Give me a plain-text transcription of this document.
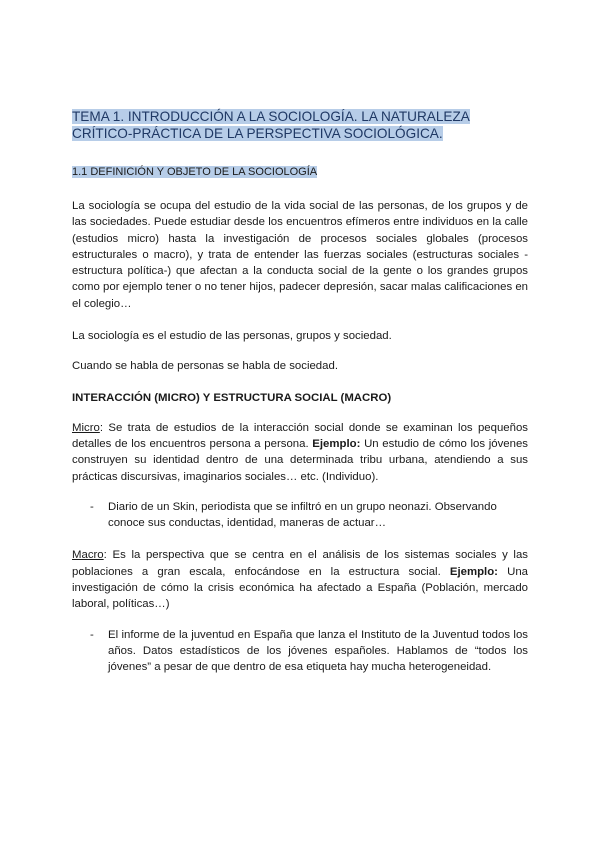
TEMA 1. INTRODUCCIÓN A LA SOCIOLOGÍA. LA NATURALEZA
CRÍTICO-PRÁCTICA DE LA PERSPECTIVA SOCIOLÓGICA.
1.1 DEFINICIÓN Y OBJETO DE LA SOCIOLOGÍA

La sociología se ocupa del estudio de la vida social de las personas, de los grupos y de las sociedades. Puede estudiar desde los encuentros efímeros entre individuos en la calle (estudios micro) hasta la investigación de procesos sociales globales (procesos estructurales o macro), y trata de entender las fuerzas sociales (estructuras sociales -estructura política-) que afectan a la conducta social de la gente o los grandes grupos como por ejemplo tener o no tener hijos, padecer depresión, sacar malas calificaciones en el colegio…

La sociología es el estudio de las personas, grupos y sociedad.

Cuando se habla de personas se habla de sociedad.

INTERACCIÓN (MICRO) Y ESTRUCTURA SOCIAL (MACRO)

Micro: Se trata de estudios de la interacción social donde se examinan los pequeños detalles de los encuentros persona a persona. Ejemplo: Un estudio de cómo los jóvenes construyen su identidad dentro de una determinada tribu urbana, atendiendo a sus prácticas discursivas, imaginarios sociales… etc. (Individuo).

-	Diario de un Skin, periodista que se infiltró en un grupo neonazi. Observando conoce sus conductas, identidad, maneras de actuar…

Macro: Es la perspectiva que se centra en el análisis de los sistemas sociales y las poblaciones a gran escala, enfocándose en la estructura social. Ejemplo: Una investigación de cómo la crisis económica ha afectado a España (Población, mercado laboral, políticas…)

-	El informe de la juventud en España que lanza el Instituto de la Juventud todos los años. Datos estadísticos de los jóvenes españoles. Hablamos de “todos los jóvenes” a pesar de que dentro de esa etiqueta hay mucha heterogeneidad.
